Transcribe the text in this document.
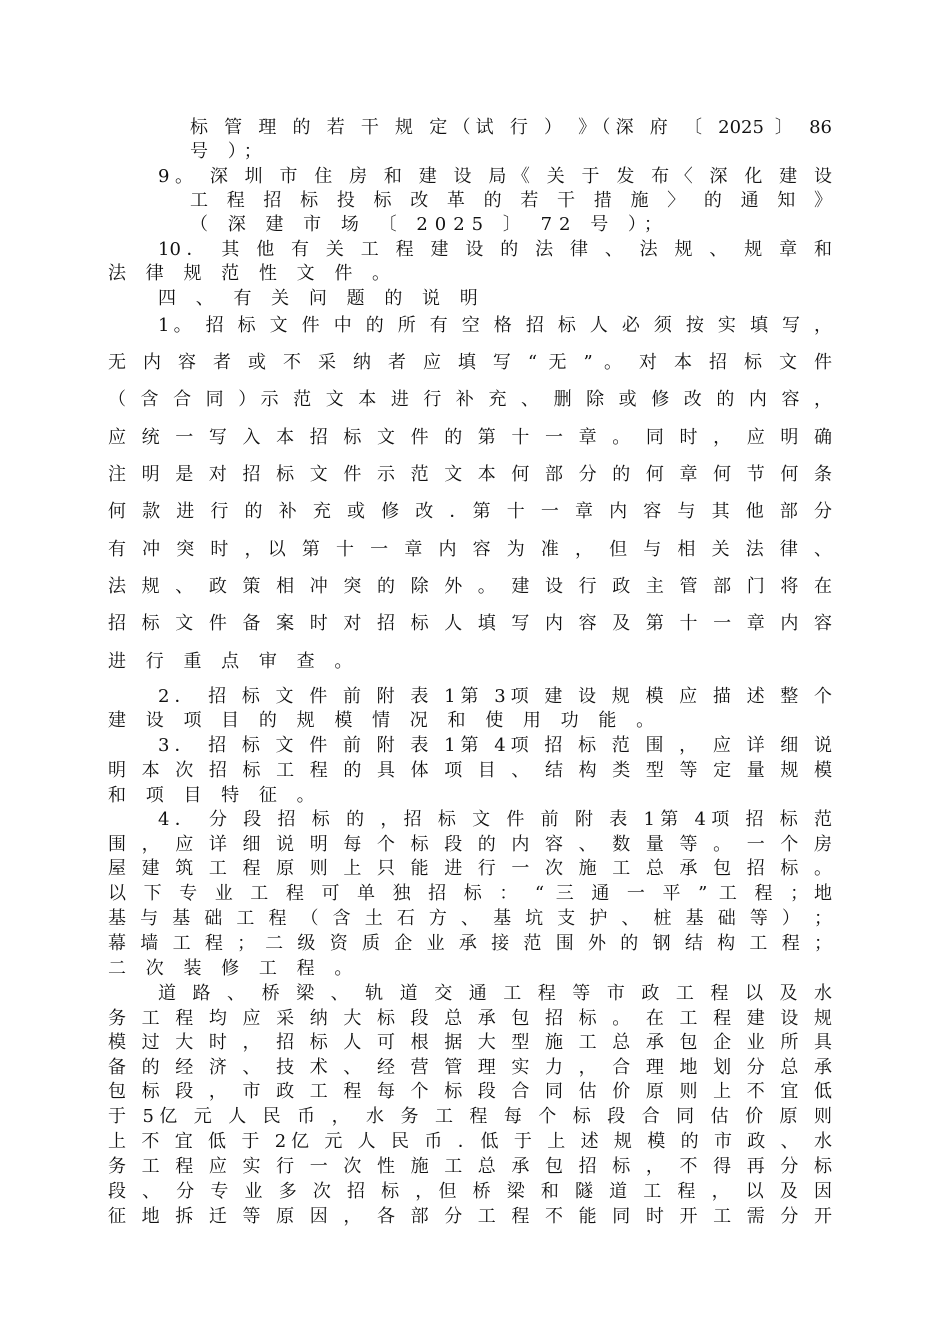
标 管 理 的 若 干 规 定（试 行 ） 》（深 府 〔 2025 〕 86
号 ）；
9。 深 圳 市 住 房 和 建 设 局《 关 于 发 布〈 深 化 建 设
工 程 招 标 投 标 改 革 的 若 干 措 施 〉 的 通 知 》
（ 深 建 市 场 〔 2025 〕 72 号 ）；
10． 其 他 有 关 工 程 建 设 的 法 律 、 法 规 、 规 章 和
法 律 规 范 性 文 件 。
四 、 有 关 问 题 的 说 明
1。 招 标 文 件 中 的 所 有 空 格 招 标 人 必 须 按 实 填 写 ，
无 内 容 者 或 不 采 纳 者 应 填 写 “ 无 ” 。 对 本 招 标 文 件
（ 含 合 同 ）示 范 文 本 进 行 补 充 、 删 除 或 修 改 的 内 容 ，
应 统 一 写 入 本 招 标 文 件 的 第 十 一 章 。 同 时 ， 应 明 确
注 明 是 对 招 标 文 件 示 范 文 本 何 部 分 的 何 章 何 节 何 条
何 款 进 行 的 补 充 或 修 改 ．第 十 一 章 内 容 与 其 他 部 分
有 冲 突 时 ，以 第 十 一 章 内 容 为 准 ， 但 与 相 关 法 律 、
法 规 、 政 策 相 冲 突 的 除 外 。 建 设 行 政 主 管 部 门 将 在
招 标 文 件 备 案 时 对 招 标 人 填 写 内 容 及 第 十 一 章 内 容
进 行 重 点 审 查 。
2． 招 标 文 件 前 附 表 1第 3项 建 设 规 模 应 描 述 整 个
建 设 项 目 的 规 模 情 况 和 使 用 功 能 。
3． 招 标 文 件 前 附 表 1第 4项 招 标 范 围 ， 应 详 细 说
明 本 次 招 标 工 程 的 具 体 项 目 、 结 构 类 型 等 定 量 规 模
和 项 目 特 征 。
4． 分 段 招 标 的 ，招 标 文 件 前 附 表 1第 4项 招 标 范
围 ， 应 详 细 说 明 每 个 标 段 的 内 容 、 数 量 等 。 一 个 房
屋 建 筑 工 程 原 则 上 只 能 进 行 一 次 施 工 总 承 包 招 标 。
以 下 专 业 工 程 可 单 独 招 标 ： “ 三 通 一 平 ” 工 程 ；地
基 与 基 础 工 程 （ 含 土 石 方 、 基 坑 支 护 、 桩 基 础 等 ） ；
幕 墙 工 程 ； 二 级 资 质 企 业 承 接 范 围 外 的 钢 结 构 工 程 ；
二 次 装 修 工 程 。
道 路 、 桥 梁 、 轨 道 交 通 工 程 等 市 政 工 程 以 及 水
务 工 程 均 应 采 纳 大 标 段 总 承 包 招 标 。 在 工 程 建 设 规
模 过 大 时 ， 招 标 人 可 根 据 大 型 施 工 总 承 包 企 业 所 具
备 的 经 济 、 技 术 、 经 营 管 理 实 力 ， 合 理 地 划 分 总 承
包 标 段 ， 市 政 工 程 每 个 标 段 合 同 估 价 原 则 上 不 宜 低
于 5亿 元 人 民 币 ， 水 务 工 程 每 个 标 段 合 同 估 价 原 则
上 不 宜 低 于 2亿 元 人 民 币 ．低 于 上 述 规 模 的 市 政 、 水
务 工 程 应 实 行 一 次 性 施 工 总 承 包 招 标 ， 不 得 再 分 标
段 、 分 专 业 多 次 招 标 ，但 桥 梁 和 隧 道 工 程 ， 以 及 因
征 地 拆 迁 等 原 因 ， 各 部 分 工 程 不 能 同 时 开 工 需 分 开
